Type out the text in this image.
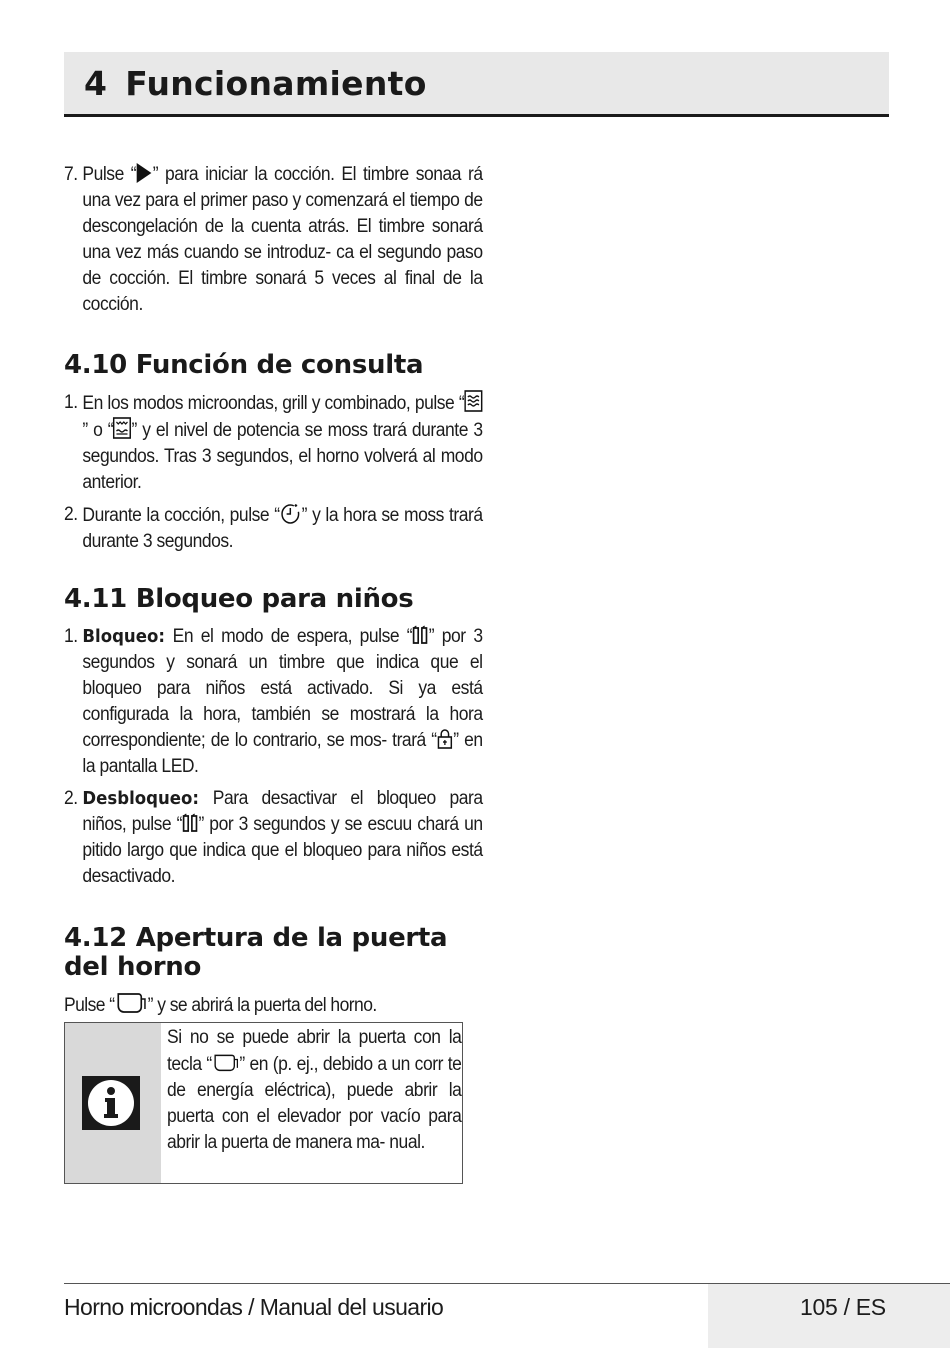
4 Funcionamiento
7. Pulse “ ” para iniciar la cocción. El timbre sonaa rá una vez para el primer paso y comenzará el tiempo de descongelación de la cuenta atrás. El timbre sonará una vez más cuando se introduz- ca el segundo paso de cocción. El timbre sonará 5 veces al final de la cocción.
4.10 Función de consulta
1. En los modos microondas, grill y combinado, pulse “” o “ ” y el nivel de potencia se moss trará durante 3 segundos. Tras 3 segundos, el horno volverá al modo anterior.
2. Durante la cocción, pulse “ ” y la hora se moss trará durante 3 segundos.
4.11 Bloqueo para niños
1. Bloqueo: En el modo de espera, pulse “ ” por 3 segundos y sonará un timbre que indica que el bloqueo para niños está activado. Si ya está configurada la hora, también se mostrará la hora correspondiente; de lo contrario, se mos- trará “ ” en la pantalla LED.
2. Desbloqueo: Para desactivar el bloqueo para niños, pulse “ ” por 3 segundos y se escuu chará un pitido largo que indica que el bloqueo para niños está desactivado.
4.12 Apertura de la puerta del horno
Pulse “ ” y se abrirá la puerta del horno.
Si no se puede abrir la puerta con la tecla “ ” en (p. ej., debido a un corr te de energía eléctrica), puede abrir la puerta con el elevador por vacío para abrir la puerta de manera ma- nual.
Horno microondas / Manual del usuario	105 / ES
